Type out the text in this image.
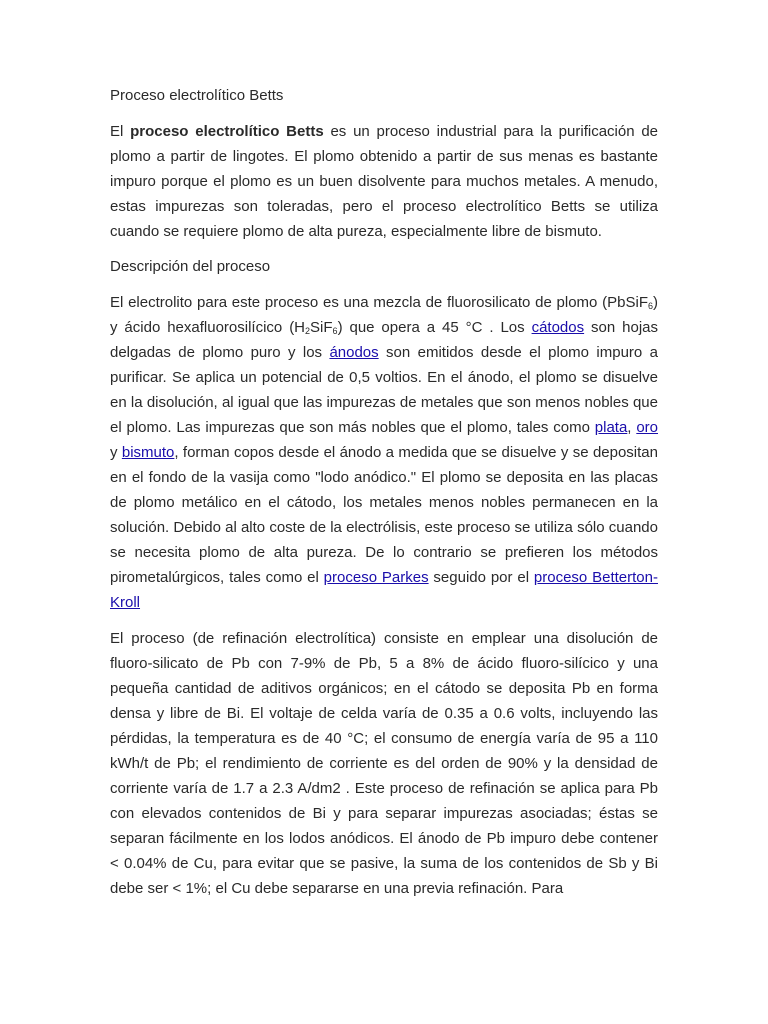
Proceso electrolítico Betts

El proceso electrolítico Betts es un proceso industrial para la purificación de plomo a partir de lingotes. El plomo obtenido a partir de sus menas es bastante impuro porque el plomo es un buen disolvente para muchos metales. A menudo, estas impurezas son toleradas, pero el proceso electrolítico Betts se utiliza cuando se requiere plomo de alta pureza, especialmente libre de bismuto.

Descripción del proceso

El electrolito para este proceso es una mezcla de fluorosilicato de plomo (PbSiF$_6$) y ácido hexafluorosilícico $(H_2SiF_6)$ que opera a 45 °C . Los cátodos son hojas delgadas de plomo puro y los ánodos son emitidos desde el plomo impuro a purificar. Se aplica un potencial de 0,5 voltios. En el ánodo, el plomo se disuelve en la disolución, al igual que las impurezas de metales que son menos nobles que el plomo. Las impurezas que son más nobles que el plomo, tales como plata, oro y bismuto, forman copos desde el ánodo a medida que se disuelve y se depositan en el fondo de la vasija como "lodo anódico." El plomo se deposita en las placas de plomo metálico en el cátodo, los metales menos nobles permanecen en la solución. Debido al alto coste de la electrólisis, este proceso se utiliza sólo cuando se necesita plomo de alta pureza. De lo contrario se prefieren los métodos pirometalúrgicos, tales como el proceso Parkes seguido por el proceso Betterton-Kroll

El proceso (de refinación electrolítica) consiste en emplear una disolución de fluoro-silicato de Pb con 7-9% de Pb, 5 a 8% de ácido fluoro-silícico y una pequeña cantidad de aditivos orgánicos; en el cátodo se deposita Pb en forma densa y libre de Bi. El voltaje de celda varía de 0.35 a 0.6 volts, incluyendo las pérdidas, la temperatura es de 40 °C; el consumo de energía varía de 95 a 110 kWh/t de Pb; el rendimiento de corriente es del orden de 90% y la densidad de corriente varía de 1.7 a 2.3 A/dm2 . Este proceso de refinación se aplica para Pb con elevados contenidos de Bi y para separar impurezas asociadas; éstas se separan fácilmente en los lodos anódicos. El ánodo de Pb impuro debe contener < 0.04% de Cu, para evitar que se pasive, la suma de los contenidos de Sb y Bi debe ser < 1%; el Cu debe separarse en una previa refinación. Para
